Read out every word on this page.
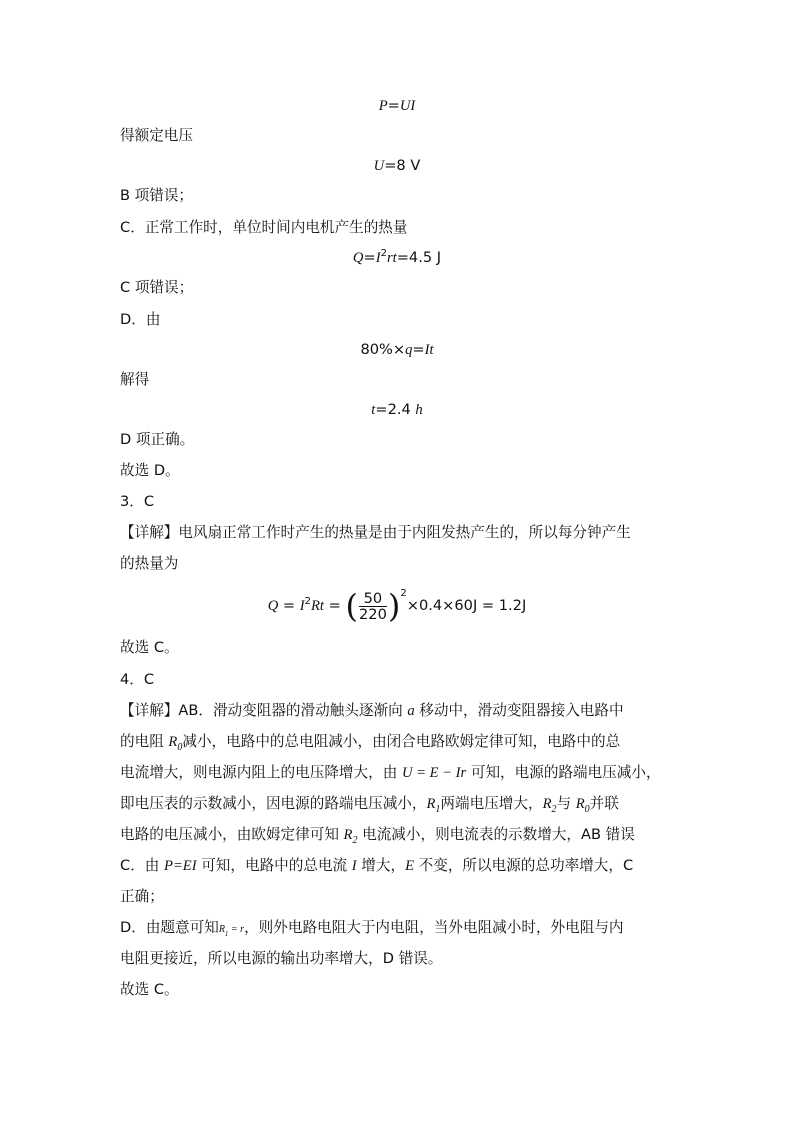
P=UI
得额定电压
U=8 V
B 项错误；
C．正常工作时，单位时间内电机产生的热量
$Q=I^2rt=4.5$ J
C 项错误；
D．由
80%×q=It
解得
t=2.4 h
D 项正确。
故选 D。
3．C
【详解】电风扇正常工作时产生的热量是由于内阻发热产生的，所以每分钟产生
的热量为
$Q = I^2Rt$ = ( $\frac{50}{220} )^2\times 0.4\times 60J = 1.2J$
故选 C。
4．C
【详解】AB．滑动变阻器的滑动触头逐渐向 a 移动中，滑动变阻器接入电路中
的电阻 $R_0$减小，电路中的总电阻减小，由闭合电路欧姆定律可知，电路中的总
电流增大，则电源内阻上的电压降增大，由 U = E − Ir 可知，电源的路端电压减小，
即电压表的示数减小，因电源的路端电压减小，$R_1$两端电压增大，$R_2$与 $R_0$并联
电路的电压减小，由欧姆定律可知 $R_2$ 电流减小，则电流表的示数增大，AB 错误
C．由 P=EI 可知，电路中的总电流 I 增大，E 不变，所以电源的总功率增大，C
正确；
D．由题意可知$R_1 = r$，则外电路电阻大于内电阻，当外电阻减小时，外电阻与内
电阻更接近，所以电源的输出功率增大，D 错误。
故选 C。
